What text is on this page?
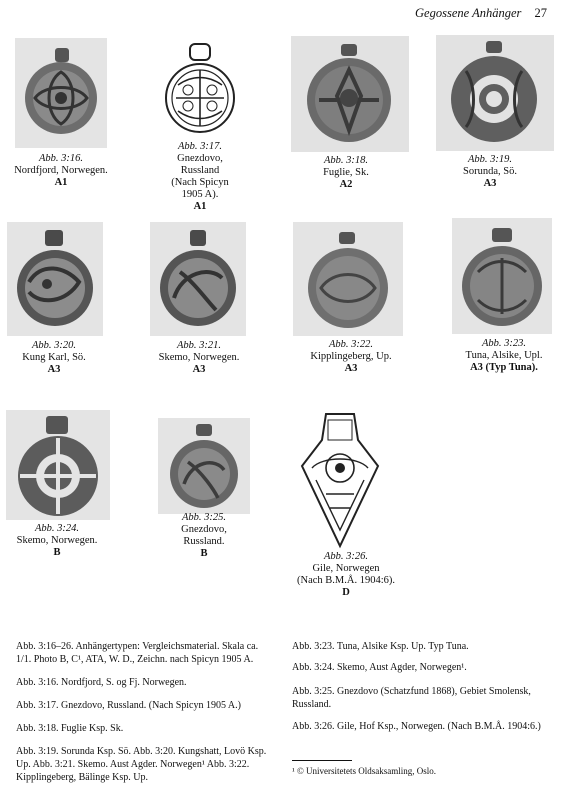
Gegossene Anhänger 27
Abb. 3:16.
Nordfjord, Norwegen.
A1
Abb. 3:17.
Gnezdovo,
Russland
(Nach Spicyn
1905 A).
A1
Abb. 3:18.
Fuglie, Sk.
A2
Abb. 3:19.
Sorunda, Sö.
A3
Abb. 3:20.
Kung Karl, Sö.
A3
Abb. 3:21.
Skemo, Norwegen.
A3
Abb. 3:22.
Kipplingeberg, Up.
A3
Abb. 3:23.
Tuna, Alsike, Upl.
A3 (Typ Tuna).
Abb. 3:24.
Skemo, Norwegen.
B
Abb. 3:25.
Gnezdovo,
Russland.
B	Abb. 3:26.
Gile, Norwegen
(Nach B.M.Å. 1904:6).
D
Abb. 3:16–26. Anhängertypen: Vergleichsmaterial. Skala ca. 1/1. Photo B, C¹, ATA, W. D., Zeichn. nach Spicyn 1905 A.
Abb. 3:16. Nordfjord, S. og Fj. Norwegen.
Abb. 3:17. Gnezdovo, Russland. (Nach Spicyn 1905 A.)
Abb. 3:18. Fuglie Ksp. Sk.
Abb. 3:19. Sorunda Ksp. Sö. Abb. 3:20. Kungshatt, Lovö Ksp. Up. Abb. 3:21. Skemo. Aust Agder. Norwegen¹ Abb. 3:22. Kipplingeberg, Bälinge Ksp. Up.
Abb. 3:23. Tuna, Alsike Ksp. Up. Typ Tuna.
Abb. 3:24. Skemo, Aust Agder, Norwegen¹.
Abb. 3:25. Gnezdovo (Schatzfund 1868), Gebiet Smolensk, Russland.
Abb. 3:26. Gile, Hof Ksp., Norwegen. (Nach B.M.Å. 1904:6.)
¹ © Universitetets Oldsaksamling, Oslo.
